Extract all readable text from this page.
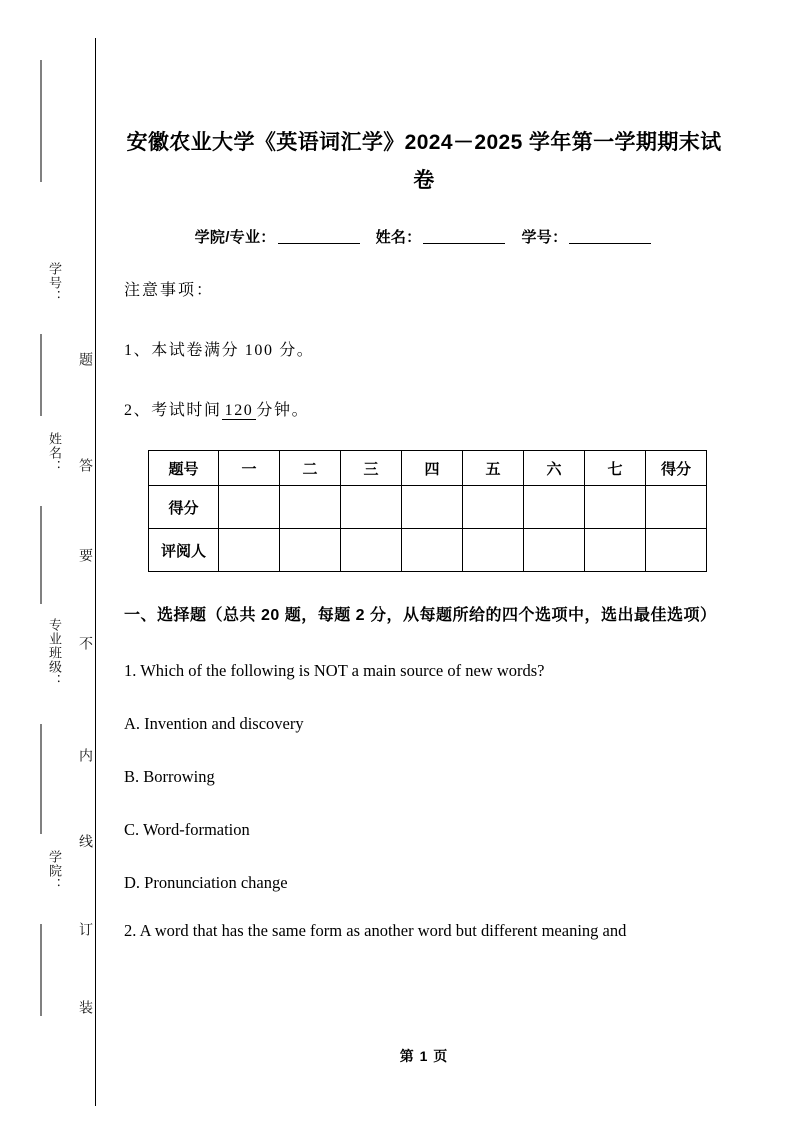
学号：
姓名：
专业班级：
学院：
题
答
要
不
内
线
订
装
安徽农业大学《英语词汇学》2024－2025 学年第一学期期末试卷
学院/专业：	姓名：	学号：
注意事项：
1、本试卷满分 100 分。
2、考试时间 120 分钟。
题号	一	二	三	四	五	六	七	得分
得分								
评阅人								
一、选择题（总共 20 题，每题 2 分，从每题所给的四个选项中，选出最佳选项）
1. Which of the following is NOT a main source of new words?
A. Invention and discovery
B. Borrowing
C. Word-formation
D. Pronunciation change
2. A word that has the same form as another word but different meaning and
第 1 页
